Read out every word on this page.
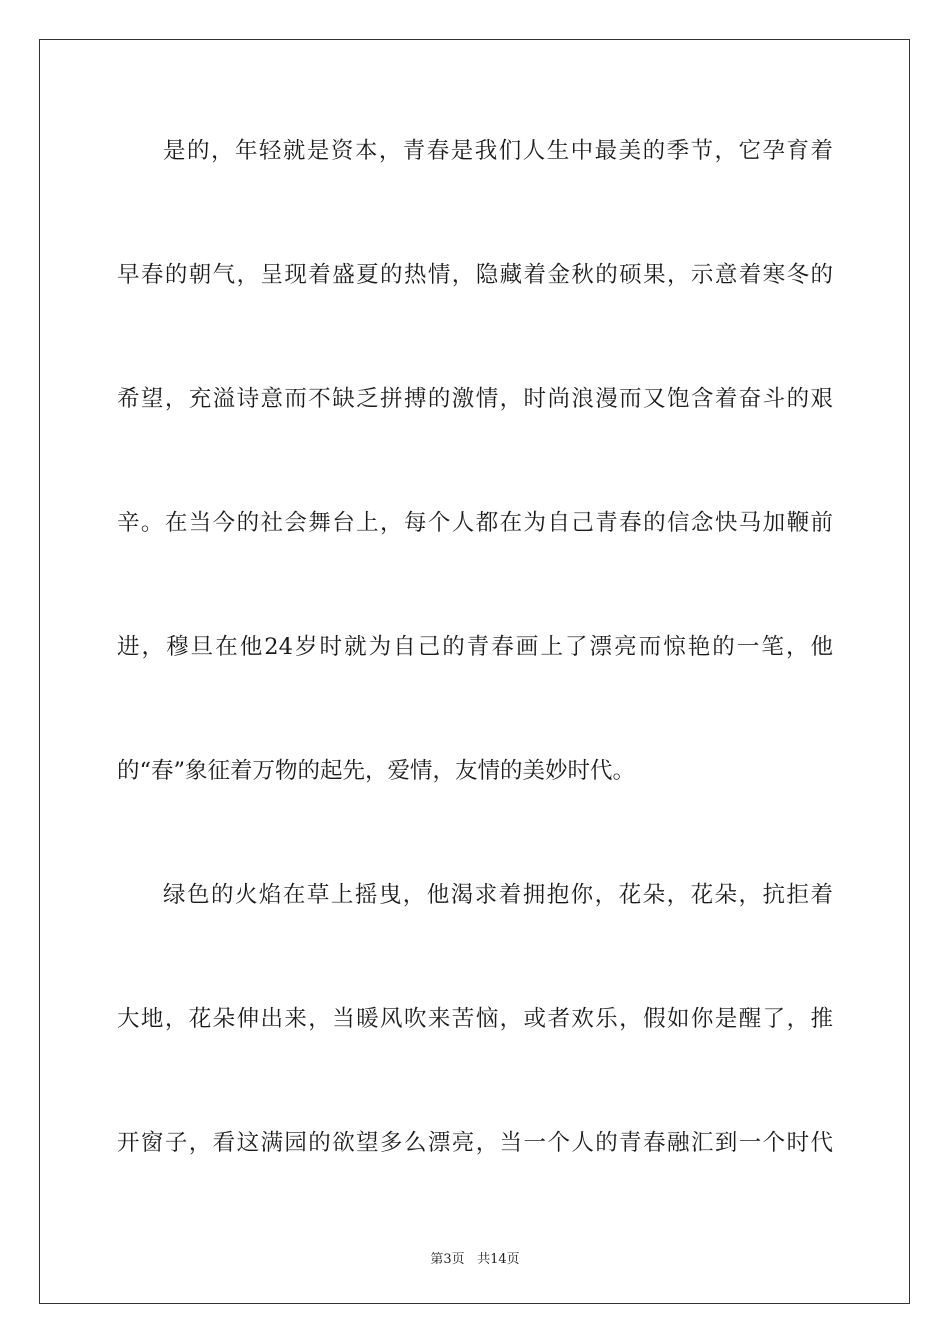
是的，年轻就是资本，青春是我们人生中最美的季节，它孕育着
早春的朝气，呈现着盛夏的热情，隐藏着金秋的硕果，示意着寒冬的
希望，充溢诗意而不缺乏拼搏的激情，时尚浪漫而又饱含着奋斗的艰
辛。在当今的社会舞台上，每个人都在为自己青春的信念快马加鞭前
进，穆旦在他24岁时就为自己的青春画上了漂亮而惊艳的一笔，他
的“春”象征着万物的起先，爱情，友情的美妙时代。
绿色的火焰在草上摇曳，他渴求着拥抱你，花朵，花朵，抗拒着
大地，花朵伸出来，当暖风吹来苦恼，或者欢乐，假如你是醒了，推
开窗子，看这满园的欲望多么漂亮，当一个人的青春融汇到一个时代
第3页 共14页
